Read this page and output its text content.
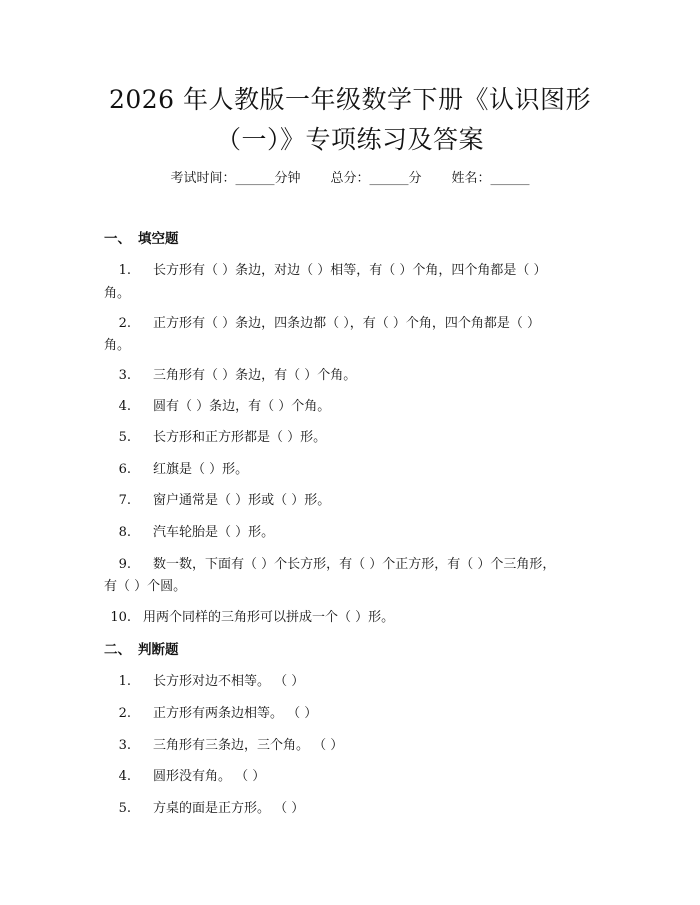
2026 年人教版一年级数学下册《认识图形
（一）》专项练习及答案
考试时间：______分钟 总分：______分 姓名：______
一、 填空题
1. 长方形有（ ）条边，对边（ ）相等，有（ ）个角，四个角都是（ ）
角。
2. 正方形有（ ）条边，四条边都（ ），有（ ）个角，四个角都是（ ）
角。
3. 三角形有（ ）条边，有（ ）个角。
4. 圆有（ ）条边，有（ ）个角。
5. 长方形和正方形都是（ ）形。
6. 红旗是（ ）形。
7. 窗户通常是（ ）形或（ ）形。
8. 汽车轮胎是（ ）形。
9. 数一数，下面有（ ）个长方形，有（ ）个正方形，有（ ）个三角形，
有（ ）个圆。
10. 用两个同样的三角形可以拼成一个（ ）形。
二、 判断题
1. 长方形对边不相等。 （ ）
2. 正方形有两条边相等。 （ ）
3. 三角形有三条边，三个角。 （ ）
4. 圆形没有角。 （ ）
5. 方桌的面是正方形。 （ ）
